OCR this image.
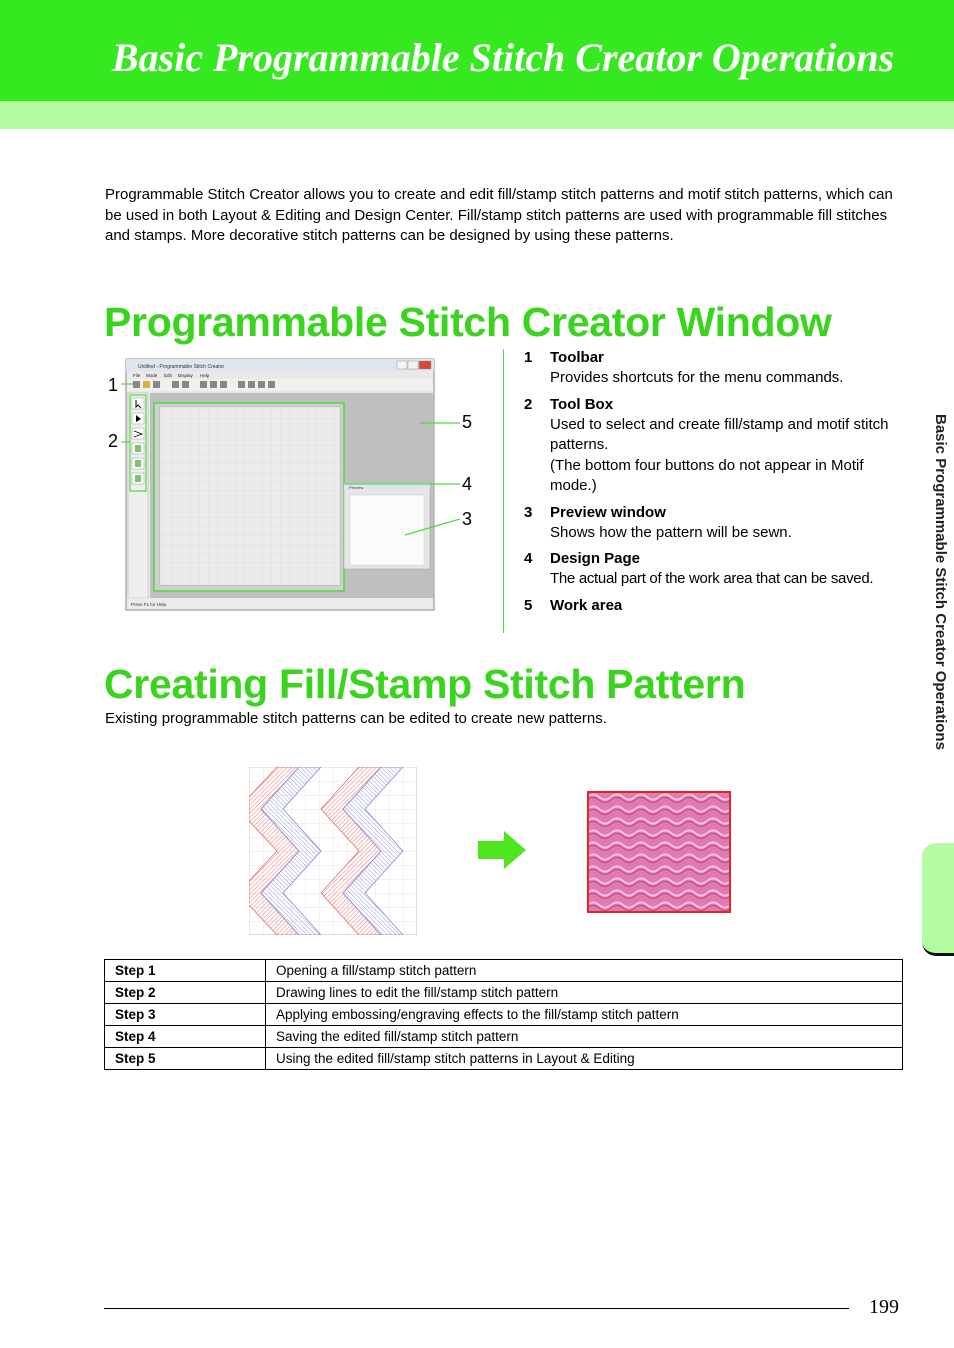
Basic Programmable Stitch Creator Operations

Programmable Stitch Creator allows you to create and edit fill/stamp stitch patterns and motif stitch patterns, which can be used in both Layout & Editing and Design Center. Fill/stamp stitch patterns are used with programmable fill stitches and stamps. More decorative stitch patterns can be designed by using these patterns.

Programmable Stitch Creator Window
Untitled - Programmable Stitch Creator
File Mode Edit Display Help
Preview
Press F1 for Help.
1
2
3
4
5
1	Toolbar
Provides shortcuts for the menu commands.
2	Tool Box
Used to select and create fill/stamp and motif stitch patterns.
(The bottom four buttons do not appear in Motif mode.)
3	Preview window
Shows how the pattern will be sewn.
4	Design Page
The actual part of the work area that can be saved.
5	Work area
Creating Fill/Stamp Stitch Pattern

Existing programmable stitch patterns can be edited to create new patterns.

Step 1	Opening a fill/stamp stitch pattern
Step 2	Drawing lines to edit the fill/stamp stitch pattern
Step 3	Applying embossing/engraving effects to the fill/stamp stitch pattern
Step 4	Saving the edited fill/stamp stitch pattern
Step 5	Using the edited fill/stamp stitch patterns in Layout & Editing
Basic Programmable Stitch Creator Operations
199
